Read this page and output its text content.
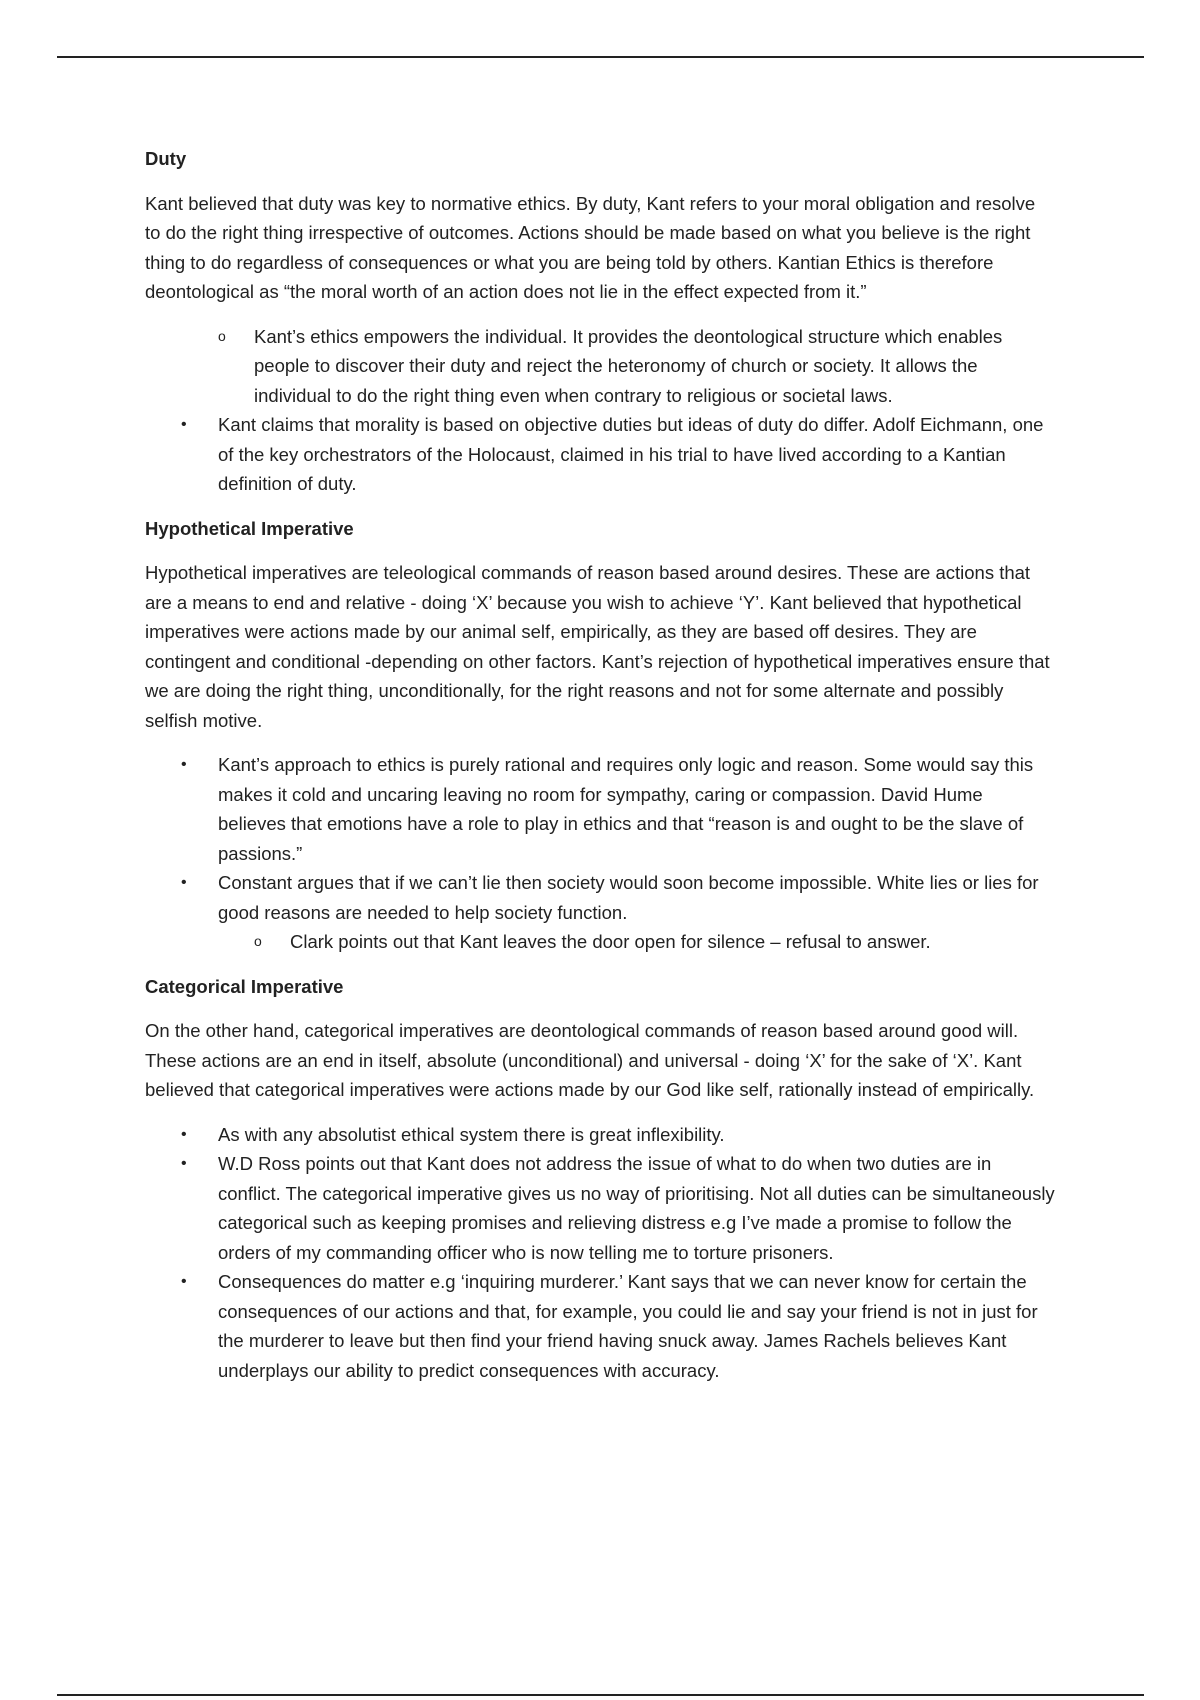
Duty
Kant believed that duty was key to normative ethics. By duty, Kant refers to your moral obligation and resolve to do the right thing irrespective of outcomes. Actions should be made based on what you believe is the right thing to do regardless of consequences or what you are being told by others. Kantian Ethics is therefore deontological as “the moral worth of an action does not lie in the effect expected from it.”
o Kant’s ethics empowers the individual. It provides the deontological structure which enables people to discover their duty and reject the heteronomy of church or society. It allows the individual to do the right thing even when contrary to religious or societal laws.
• Kant claims that morality is based on objective duties but ideas of duty do differ. Adolf Eichmann, one of the key orchestrators of the Holocaust, claimed in his trial to have lived according to a Kantian definition of duty.
Hypothetical Imperative
Hypothetical imperatives are teleological commands of reason based around desires. These are actions that are a means to end and relative - doing ‘X’ because you wish to achieve ‘Y’. Kant believed that hypothetical imperatives were actions made by our animal self, empirically, as they are based off desires. They are contingent and conditional -depending on other factors. Kant’s rejection of hypothetical imperatives ensure that we are doing the right thing, unconditionally, for the right reasons and not for some alternate and possibly selfish motive.
• Kant’s approach to ethics is purely rational and requires only logic and reason. Some would say this makes it cold and uncaring leaving no room for sympathy, caring or compassion. David Hume believes that emotions have a role to play in ethics and that “reason is and ought to be the slave of passions.”
• Constant argues that if we can’t lie then society would soon become impossible. White lies or lies for good reasons are needed to help society function.
o Clark points out that Kant leaves the door open for silence – refusal to answer.
Categorical Imperative
On the other hand, categorical imperatives are deontological commands of reason based around good will. These actions are an end in itself, absolute (unconditional) and universal - doing ‘X’ for the sake of ‘X’. Kant believed that categorical imperatives were actions made by our God like self, rationally instead of empirically.
• As with any absolutist ethical system there is great inflexibility.
• W.D Ross points out that Kant does not address the issue of what to do when two duties are in conflict. The categorical imperative gives us no way of prioritising. Not all duties can be simultaneously categorical such as keeping promises and relieving distress e.g I’ve made a promise to follow the orders of my commanding officer who is now telling me to torture prisoners.
• Consequences do matter e.g ‘inquiring murderer.’ Kant says that we can never know for certain the consequences of our actions and that, for example, you could lie and say your friend is not in just for the murderer to leave but then find your friend having snuck away. James Rachels believes Kant underplays our ability to predict consequences with accuracy.
